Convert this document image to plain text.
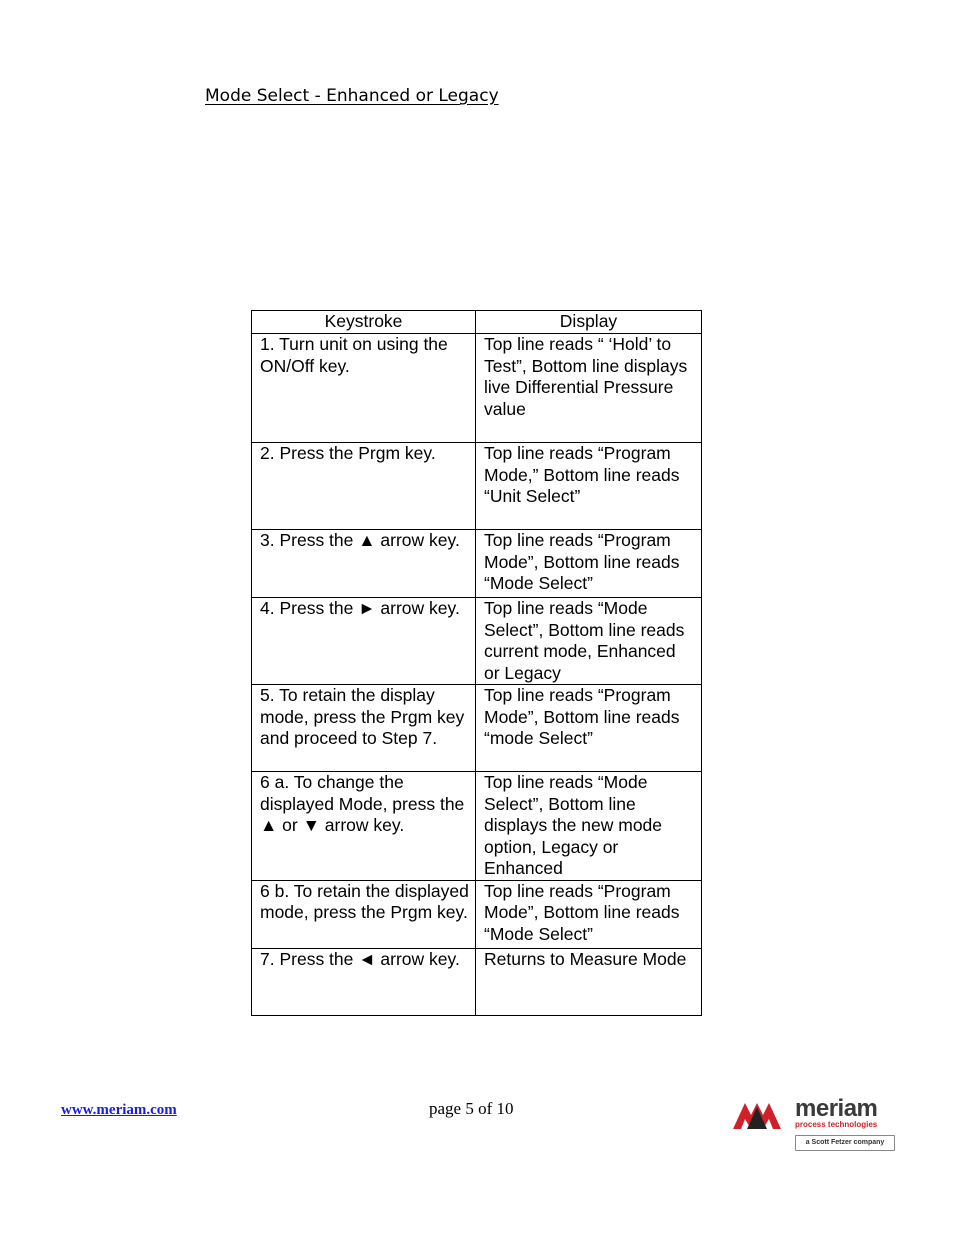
Mode Select - Enhanced or Legacy
Keystroke	Display
1. Turn unit on using the ON/Off key.	Top line reads “ ‘Hold’ to Test”, Bottom line displays live Differential Pressure value
2. Press the Prgm key.	Top line reads “Program Mode,” Bottom line reads “Unit Select”
3. Press the ▲ arrow key.	Top line reads “Program Mode”, Bottom line reads “Mode Select”
4. Press the ► arrow key.	Top line reads “Mode Select”, Bottom line reads current mode, Enhanced or Legacy
5. To retain the display mode, press the Prgm key and proceed to Step 7.	Top line reads “Program Mode”, Bottom line reads “mode Select”
6 a. To change the displayed Mode, press the ▲ or ▼ arrow key.	Top line reads “Mode Select”, Bottom line displays the new mode option, Legacy or Enhanced
6 b. To retain the displayed mode, press the Prgm key.	Top line reads “Program Mode”, Bottom line reads “Mode Select”
7. Press the ◄ arrow key.	Returns to Measure Mode
www.meriam.com	page 5 of 10	meriam
process technologies
a Scott Fetzer company
